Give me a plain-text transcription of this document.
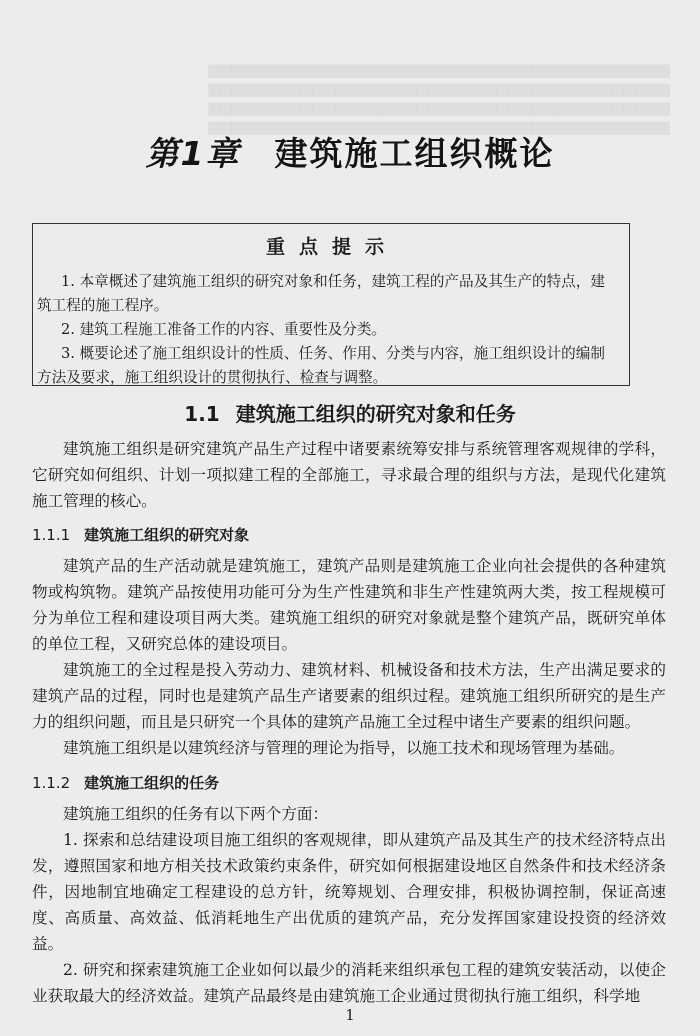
▆▆▆▆▆▆▆▆▆▆▆▆▆▆▆▆▆▆▆▆▆▆▆▆▆▆▆▆▆▆▆▆▆▆▆▆▆▆▆▆
▆▆▆▆▆▆▆▆▆▆▆▆▆▆▆▆▆▆▆▆▆▆▆▆▆▆▆▆▆▆▆▆▆▆▆▆▆▆▆▆
▆▆▆▆▆▆▆▆▆▆▆▆▆▆▆▆▆▆▆▆▆▆▆▆▆▆▆▆▆▆▆▆▆▆▆▆▆▆▆▆
▆▆▆▆▆▆▆▆▆▆▆▆▆▆▆▆▆▆▆▆▆▆▆▆▆▆▆▆▆▆▆▆▆▆▆▆▆▆▆▆
第1章 建筑施工组织概论
重点提示
1. 本章概述了建筑施工组织的研究对象和任务，建筑工程的产品及其生产的特点，建筑工程的施工程序。
2. 建筑工程施工准备工作的内容、重要性及分类。
3. 概要论述了施工组织设计的性质、任务、作用、分类与内容，施工组织设计的编制方法及要求，施工组织设计的贯彻执行、检查与调整。
1.1 建筑施工组织的研究对象和任务

建筑施工组织是研究建筑产品生产过程中诸要素统筹安排与系统管理客观规律的学科，它研究如何组织、计划一项拟建工程的全部施工，寻求最合理的组织与方法，是现代化建筑施工管理的核心。

1.1.1 建筑施工组织的研究对象

建筑产品的生产活动就是建筑施工，建筑产品则是建筑施工企业向社会提供的各种建筑物或构筑物。建筑产品按使用功能可分为生产性建筑和非生产性建筑两大类，按工程规模可分为单位工程和建设项目两大类。建筑施工组织的研究对象就是整个建筑产品，既研究单体的单位工程，又研究总体的建设项目。

建筑施工的全过程是投入劳动力、建筑材料、机械设备和技术方法，生产出满足要求的建筑产品的过程，同时也是建筑产品生产诸要素的组织过程。建筑施工组织所研究的是生产力的组织问题，而且是只研究一个具体的建筑产品施工全过程中诸生产要素的组织问题。

建筑施工组织是以建筑经济与管理的理论为指导，以施工技术和现场管理为基础。

1.1.2 建筑施工组织的任务

建筑施工组织的任务有以下两个方面：

1. 探索和总结建设项目施工组织的客观规律，即从建筑产品及其生产的技术经济特点出发，遵照国家和地方相关技术政策约束条件，研究如何根据建设地区自然条件和技术经济条件，因地制宜地确定工程建设的总方针，统筹规划、合理安排，积极协调控制，保证高速度、高质量、高效益、低消耗地生产出优质的建筑产品，充分发挥国家建设投资的经济效益。

2. 研究和探索建筑施工企业如何以最少的消耗来组织承包工程的建筑安装活动，以使企业获取最大的经济效益。建筑产品最终是由建筑施工企业通过贯彻执行施工组织，科学地

1
